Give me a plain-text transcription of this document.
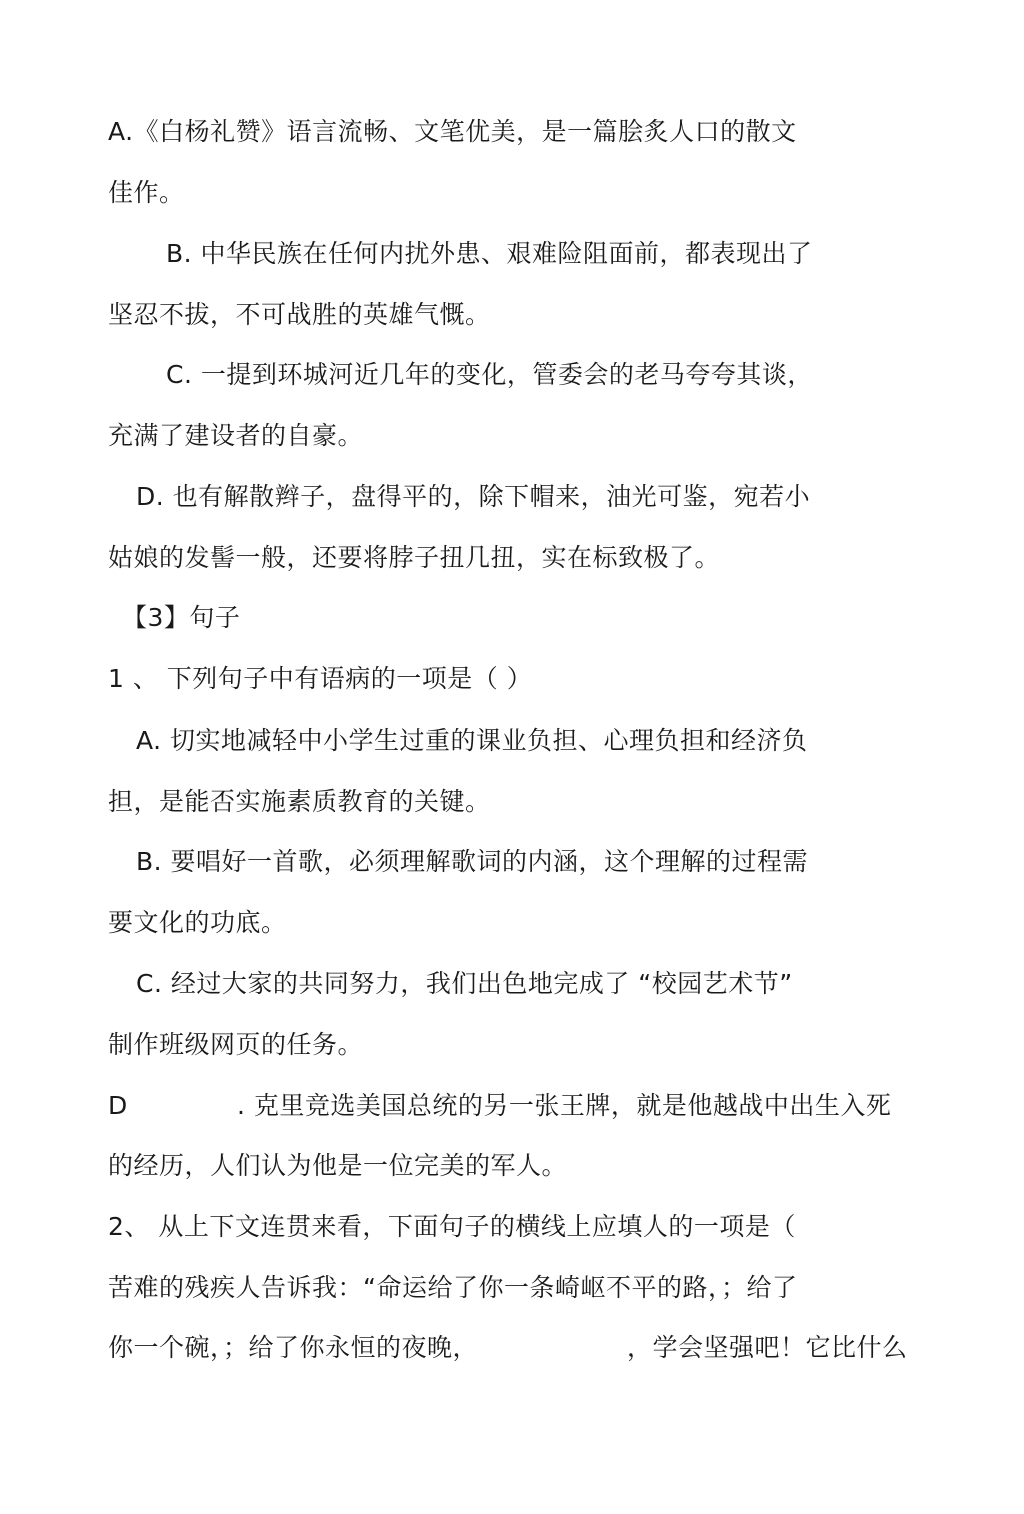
A.《白杨礼赞》语言流畅、文笔优美，是一篇脍炙人口的散文
佳作。
B. 中华民族在任何内扰外患、艰难险阻面前，都表现出了
坚忍不拔，不可战胜的英雄气慨。
C. 一提到环城河近几年的变化，管委会的老马夸夸其谈，
充满了建设者的自豪。
D. 也有解散辫子，盘得平的，除下帽来，油光可鉴，宛若小
姑娘的发髻一般，还要将脖子扭几扭，实在标致极了。
【3】句子
1 、 下列句子中有语病的一项是（ ）
A. 切实地减轻中小学生过重的课业负担、心理负担和经济负
担，是能否实施素质教育的关键。
B. 要唱好一首歌，必须理解歌词的内涵，这个理解的过程需
要文化的功底。
C. 经过大家的共同努力，我们出色地完成了 “校园艺术节”
制作班级网页的任务。
D	. 克里竞选美国总统的另一张王牌，就是他越战中出生入死
的经历，人们认为他是一位完美的军人。
2、 从上下文连贯来看，下面句子的横线上应填人的一项是（
苦难的残疾人告诉我：“命运给了你一条崎岖不平的路，；给了
你一个碗，；给了你永恒的夜晚，	，学会坚强吧！它比什么
